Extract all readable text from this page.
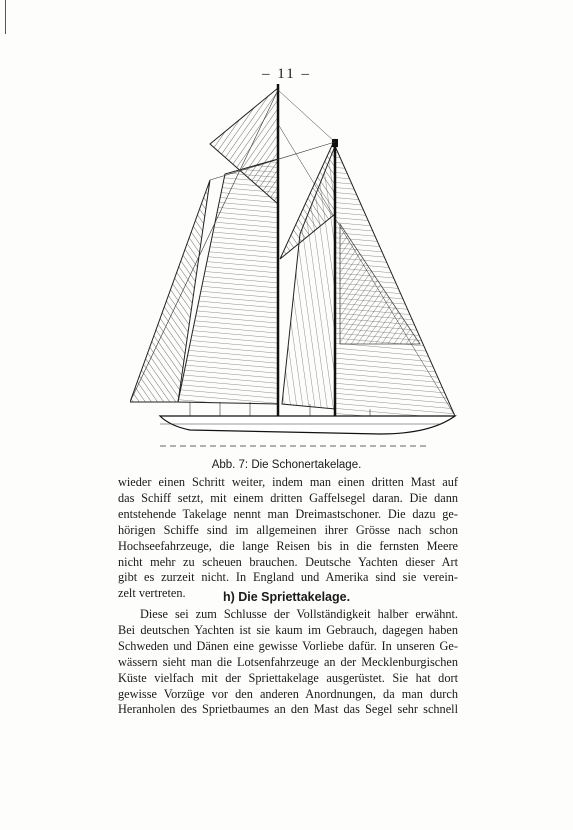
– 11 –
Abb. 7: Die Schonertakelage.
wieder einen Schritt weiter, indem man einen dritten Mast auf
das Schiff setzt, mit einem dritten Gaffelsegel daran. Die dann
entstehende Takelage nennt man Dreimastschoner. Die dazu ge-
hörigen Schiffe sind im allgemeinen ihrer Grösse nach schon
Hochseefahrzeuge, die lange Reisen bis in die fernsten Meere
nicht mehr zu scheuen brauchen. Deutsche Yachten dieser Art
gibt es zurzeit nicht. In England und Amerika sind sie verein-
zelt vertreten.	h) Die Spriettakelage.
Diese sei zum Schlusse der Vollständigkeit halber erwähnt.
Bei deutschen Yachten ist sie kaum im Gebrauch, dagegen haben
Schweden und Dänen eine gewisse Vorliebe dafür. In unseren Ge-
wässern sieht man die Lotsenfahrzeuge an der Mecklenburgischen
Küste vielfach mit der Spriettakelage ausgerüstet. Sie hat dort
gewisse Vorzüge vor den anderen Anordnungen, da man durch
Heranholen des Sprietbaumes an den Mast das Segel sehr schnell
